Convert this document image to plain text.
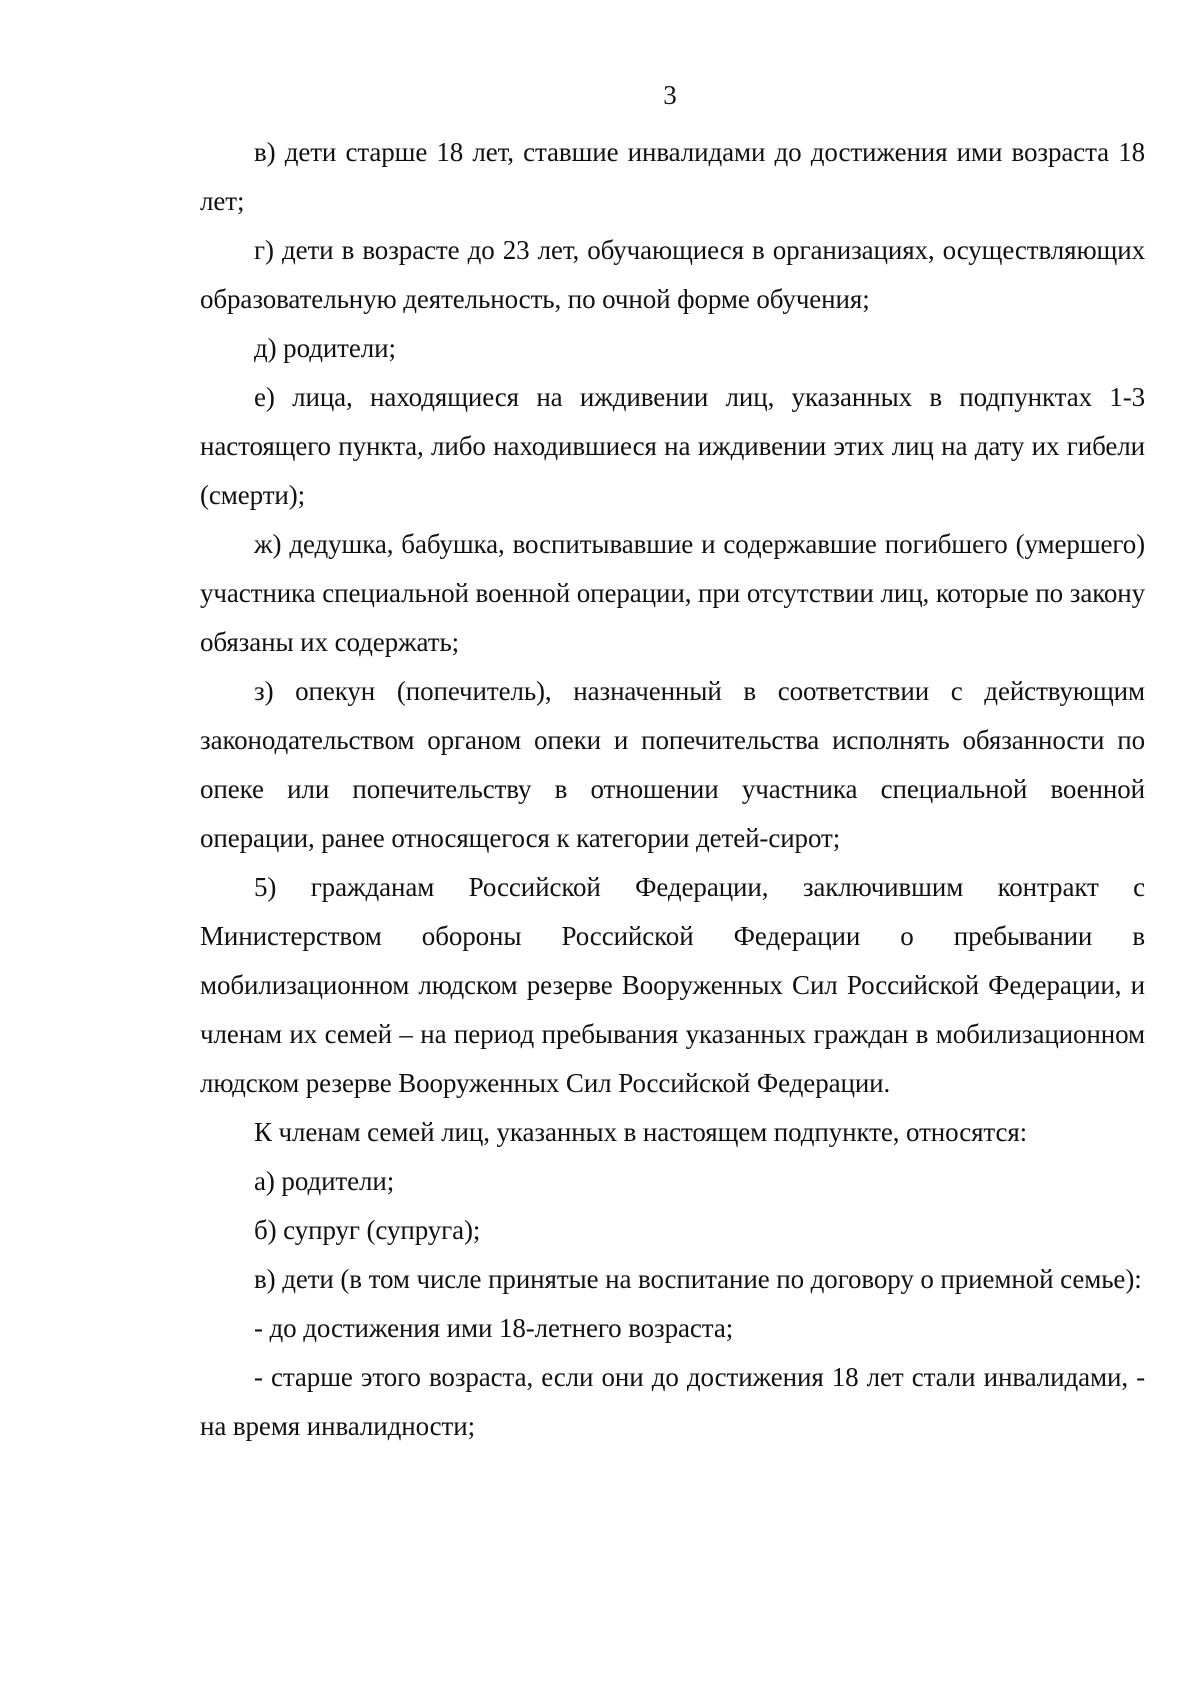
3

в) дети старше 18 лет, ставшие инвалидами до достижения ими возраста 18 лет;

г) дети в возрасте до 23 лет, обучающиеся в организациях, осуществляющих образовательную деятельность, по очной форме обучения;

д) родители;

е) лица, находящиеся на иждивении лиц, указанных в подпунктах 1-3 настоящего пункта, либо находившиеся на иждивении этих лиц на дату их гибели (смерти);

ж) дедушка, бабушка, воспитывавшие и содержавшие погибшего (умершего) участника специальной военной операции, при отсутствии лиц, которые по закону обязаны их содержать;

з) опекун (попечитель), назначенный в соответствии с действующим законодательством органом опеки и попечительства исполнять обязанности по опеке или попечительству в отношении участника специальной военной операции, ранее относящегося к категории детей-сирот;

5) гражданам Российской Федерации, заключившим контракт с Министерством обороны Российской Федерации о пребывании в мобилизационном людском резерве Вооруженных Сил Российской Федерации, и членам их семей – на период пребывания указанных граждан в мобилизационном людском резерве Вооруженных Сил Российской Федерации.

К членам семей лиц, указанных в настоящем подпункте, относятся:

а) родители;

б) супруг (супруга);

в) дети (в том числе принятые на воспитание по договору о приемной семье):

- до достижения ими 18-летнего возраста;

- старше этого возраста, если они до достижения 18 лет стали инвалидами, - на время инвалидности;
